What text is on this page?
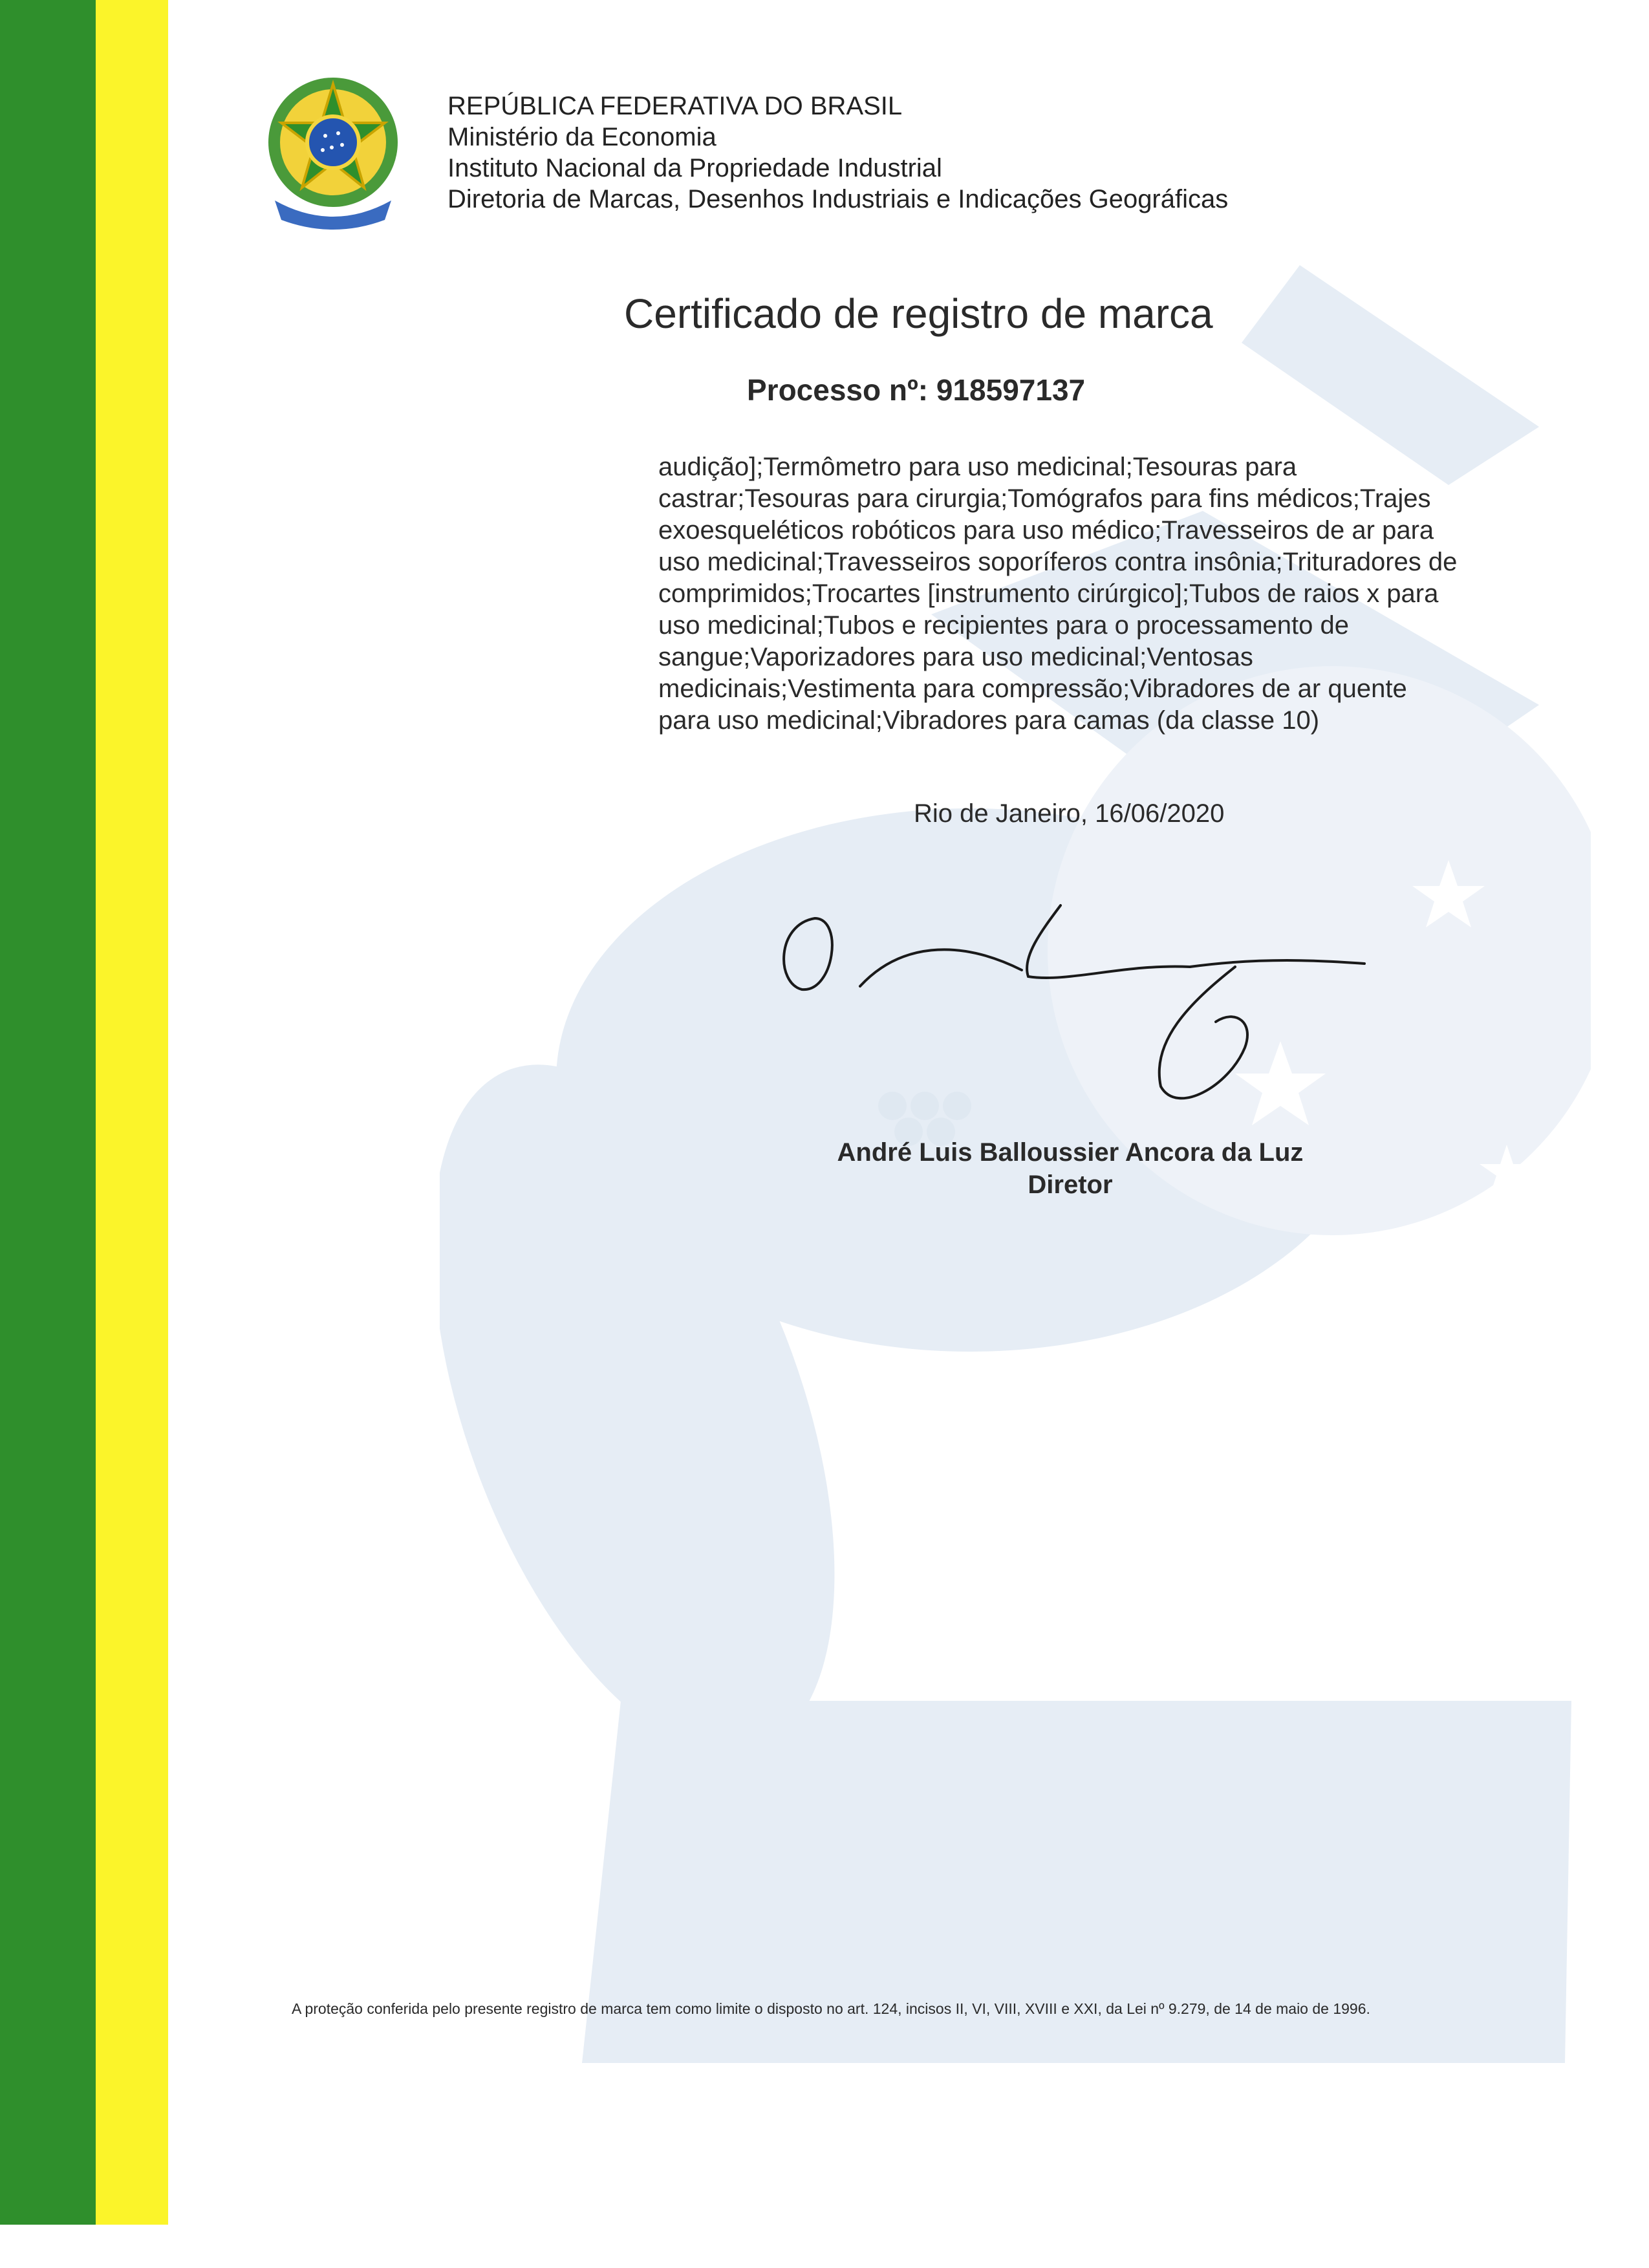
REPÚBLICA FEDERATIVA DO BRASIL
Ministério da Economia
Instituto Nacional da Propriedade Industrial
Diretoria de Marcas, Desenhos Industriais e Indicações Geográficas
Certificado de registro de marca
Processo nº: 918597137
audição];Termômetro para uso medicinal;Tesouras para
castrar;Tesouras para cirurgia;Tomógrafos para fins médicos;Trajes
exoesqueléticos robóticos para uso médico;Travesseiros de ar para
uso medicinal;Travesseiros soporíferos contra insônia;Trituradores de
comprimidos;Trocartes [instrumento cirúrgico];Tubos de raios x para
uso medicinal;Tubos e recipientes para o processamento de
sangue;Vaporizadores para uso medicinal;Ventosas
medicinais;Vestimenta para compressão;Vibradores de ar quente
para uso medicinal;Vibradores para camas (da classe 10)
Rio de Janeiro, 16/06/2020
André Luis Balloussier Ancora da Luz
Diretor
A proteção conferida pelo presente registro de marca tem como limite o disposto no art. 124, incisos II, VI, VIII, XVIII e XXI, da Lei nº 9.279, de 14 de maio de 1996.
